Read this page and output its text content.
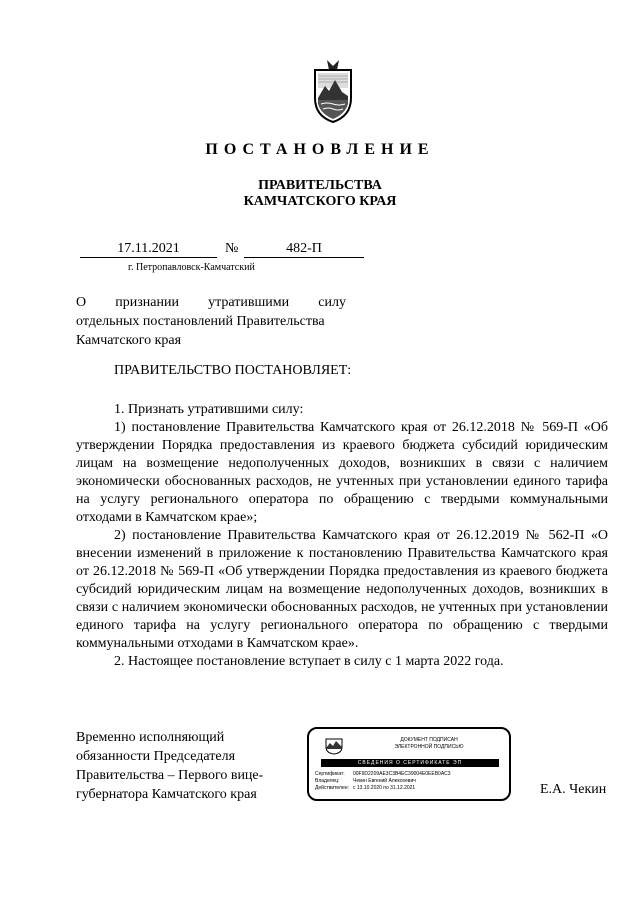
ПОСТАНОВЛЕНИЕ
ПРАВИТЕЛЬСТВА
КАМЧАТСКОГО КРАЯ
17.11.2021	№	482-П
г. Петропавловск-Камчатский
О признании утратившими силу
отдельных постановлений Правительства
Камчатского края
ПРАВИТЕЛЬСТВО ПОСТАНОВЛЯЕТ:

1. Признать утратившими силу:

1) постановление Правительства Камчатского края от 26.12.2018 № 569-П «Об утверждении Порядка предоставления из краевого бюджета субсидий юридическим лицам на возмещение недополученных доходов, возникших в связи с наличием экономически обоснованных расходов, не учтенных при установлении единого тарифа на услугу регионального оператора по обращению с твердыми коммунальными отходами в Камчатском крае»;

2) постановление Правительства Камчатского края от 26.12.2019 № 562-П «О внесении изменений в приложение к постановлению Правительства Камчатского края от 26.12.2018 № 569-П «Об утверждении Порядка предоставления из краевого бюджета субсидий юридическим лицам на возмещение недополученных доходов, возникших в связи с наличием экономически обоснованных расходов, не учтенных при установлении единого тарифа на услугу регионального оператора по обращению с твердыми коммунальными отходами в Камчатском крае».

2. Настоящее постановление вступает в силу с 1 марта 2022 года.

Временно исполняющий
обязанности Председателя
Правительства – Первого вице-
губернатора Камчатского края
ДОКУМЕНТ ПОДПИСАН
ЭЛЕКТРОННОЙ ПОДПИСЬЮ
СВЕДЕНИЯ О СЕРТИФИКАТЕ ЭП
Сертификат: 00F9D2209AE3C3B4EC39004E0EEB0AC3
Владелец:	Чекин Евгений Алексеевич
Действителен: с 13.10.2020 по 31.12.2021	Е.А. Чекин
